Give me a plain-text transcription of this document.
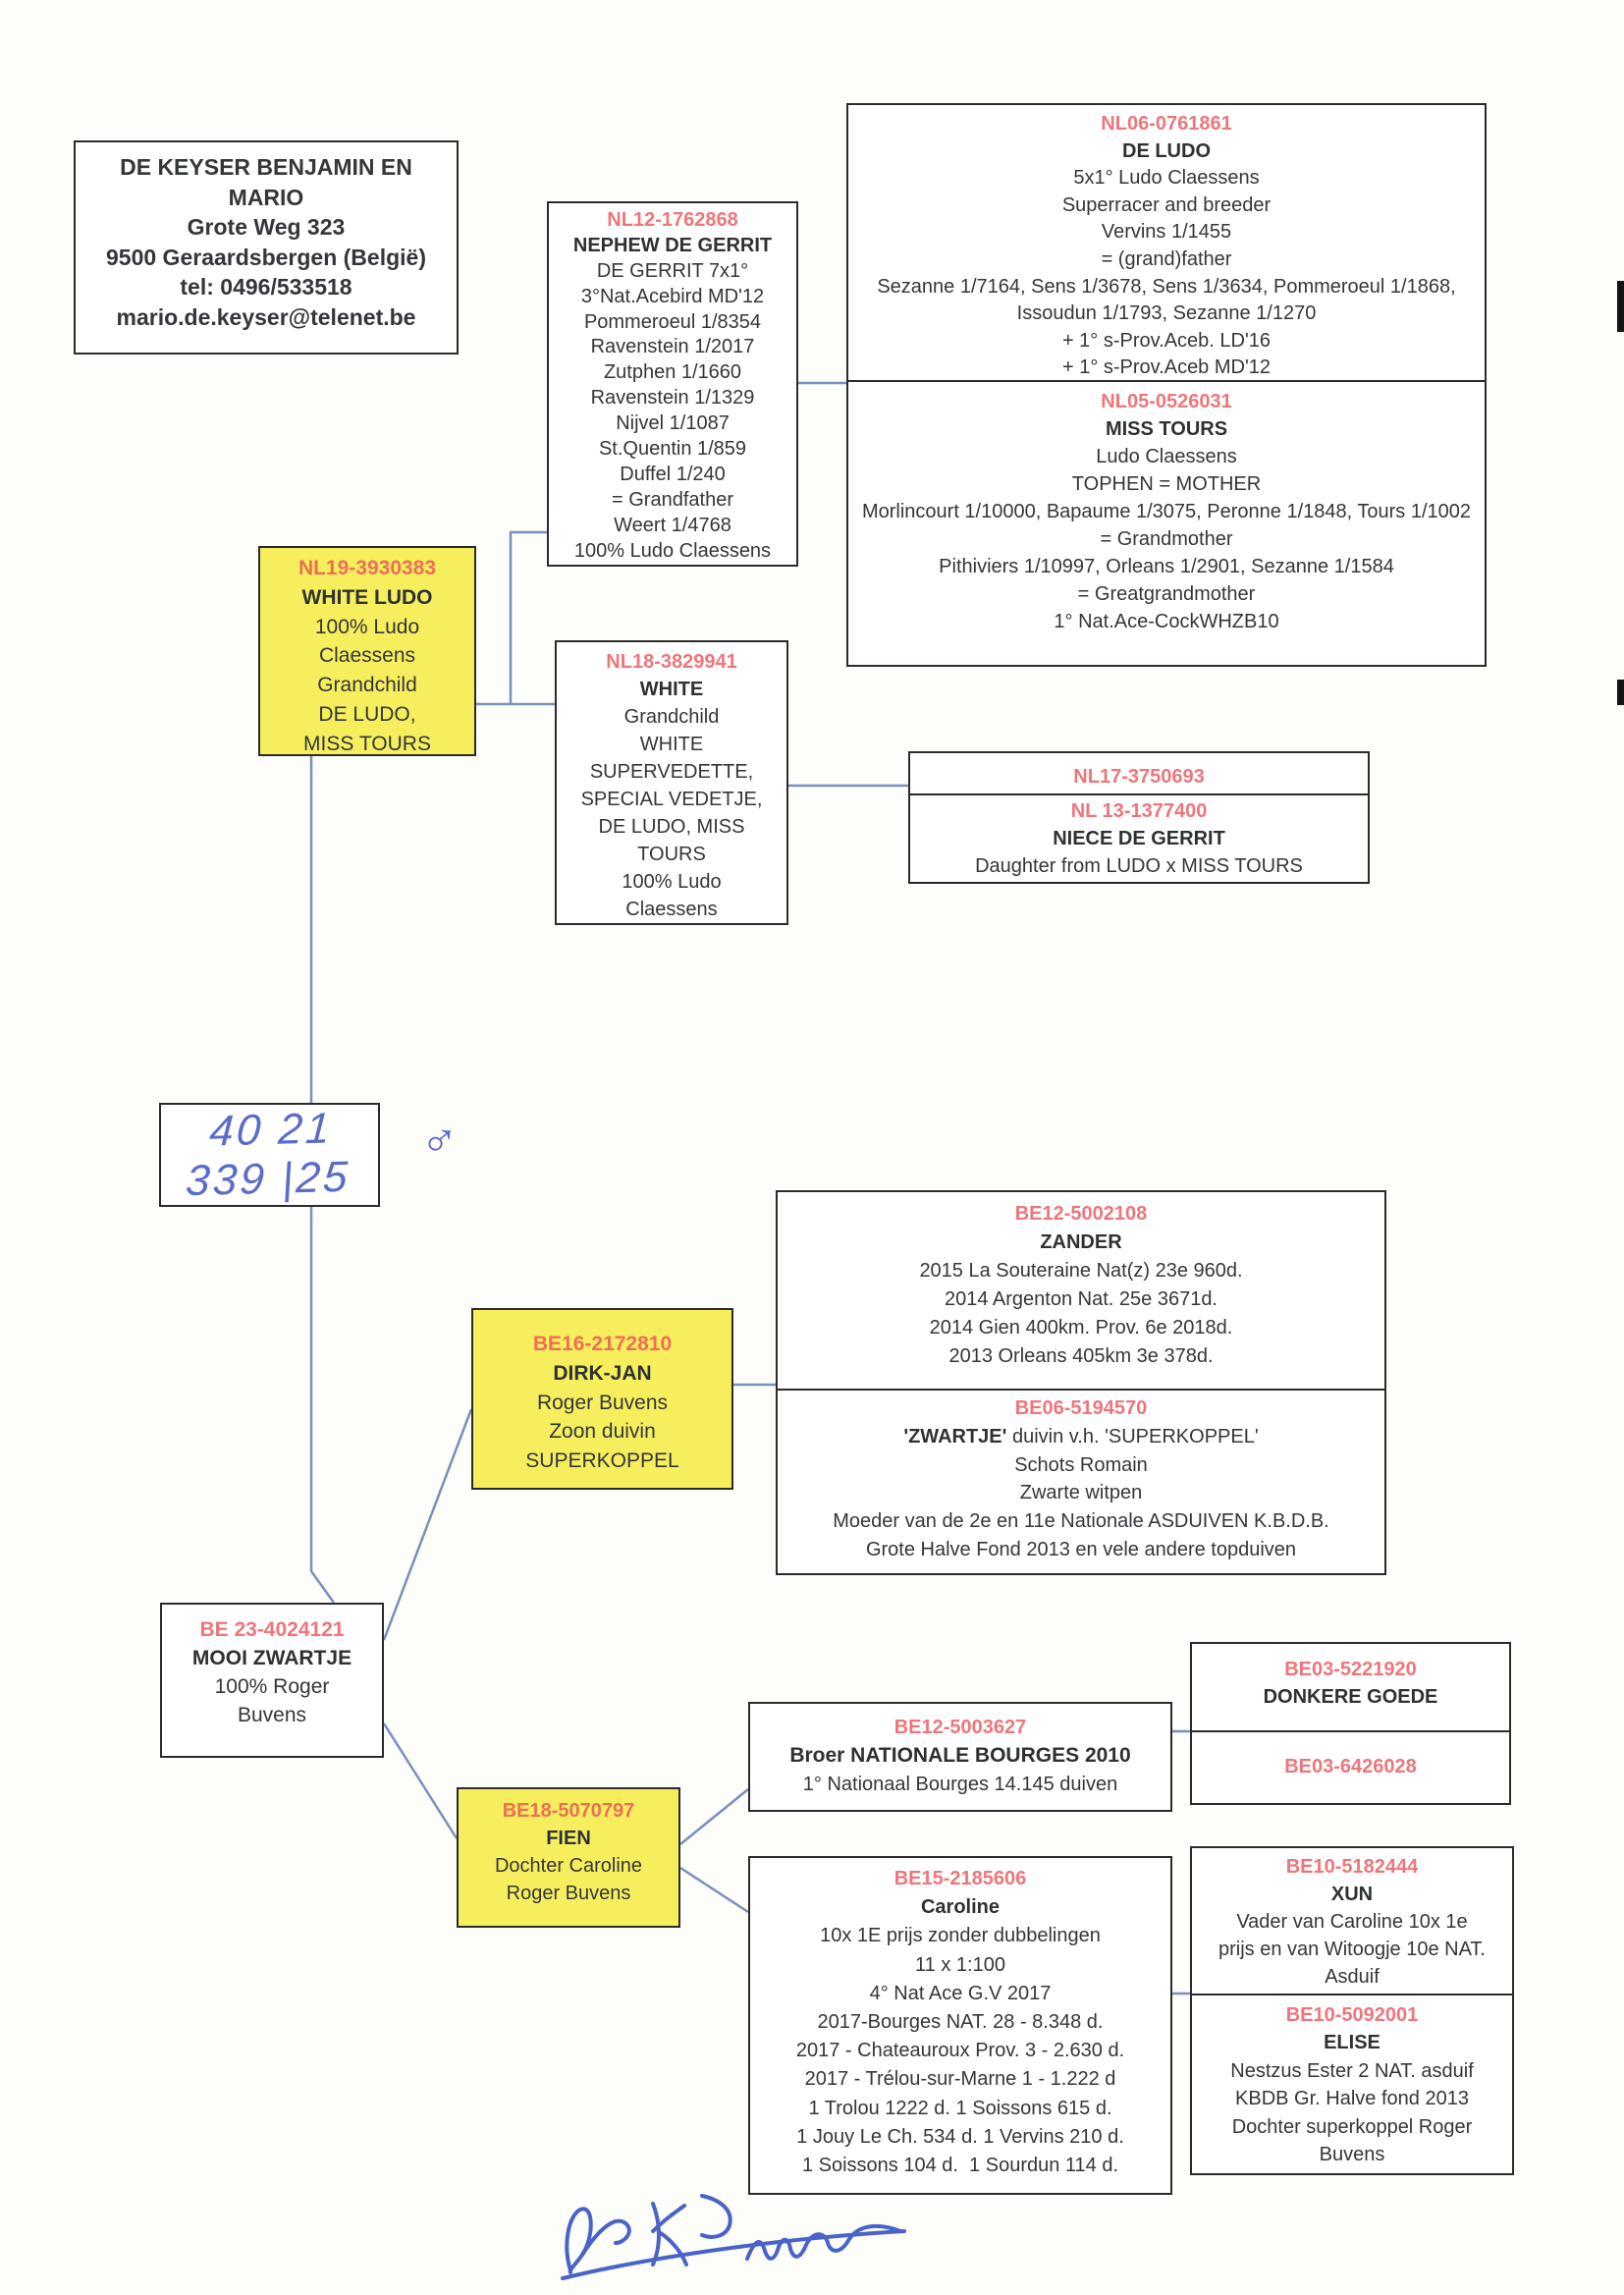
DE KEYSER BENJAMIN EN
MARIO
Grote Weg 323
9500 Geraardsbergen (België)
tel: 0496/533518
mario.de.keyser@telenet.be
NL12-1762868
NEPHEW DE GERRIT
DE GERRIT 7x1°
3°Nat.Acebird MD'12
Pommeroeul 1/8354
Ravenstein 1/2017
Zutphen 1/1660
Ravenstein 1/1329
Nijvel 1/1087
St.Quentin 1/859
Duffel 1/240
= Grandfather
Weert 1/4768
100% Ludo Claessens
NL06-0761861
DE LUDO
5x1° Ludo Claessens
Superracer and breeder
Vervins 1/1455
= (grand)father
Sezanne 1/7164, Sens 1/3678, Sens 1/3634, Pommeroeul 1/1868, Issoudun 1/1793, Sezanne 1/1270
+ 1° s-Prov.Aceb. LD'16
+ 1° s-Prov.Aceb MD'12
NL05-0526031
MISS TOURS
Ludo Claessens
TOPHEN = MOTHER
Morlincourt 1/10000, Bapaume 1/3075, Peronne 1/1848, Tours 1/1002
= Grandmother
Pithiviers 1/10997, Orleans 1/2901, Sezanne 1/1584
= Greatgrandmother
1° Nat.Ace-CockWHZB10
NL19-3930383
WHITE LUDO
100% Ludo
Claessens
Grandchild
DE LUDO,
MISS TOURS
NL18-3829941
WHITE
Grandchild
WHITE
SUPERVEDETTE,
SPECIAL VEDETJE,
DE LUDO, MISS
TOURS
100% Ludo
Claessens
NL17-3750693
NL 13-1377400
NIECE DE GERRIT
Daughter from LUDO x MISS TOURS
40 21 339 |25
♂
BE12-5002108
ZANDER
2015 La Souteraine Nat(z) 23e 960d.
2014 Argenton Nat. 25e 3671d.
2014 Gien 400km. Prov. 6e 2018d.
2013 Orleans 405km 3e 378d.
BE16-2172810
DIRK-JAN
Roger Buvens
Zoon duivin
SUPERKOPPEL
BE06-5194570
'ZWARTJE' duivin v.h. 'SUPERKOPPEL'
Schots Romain
Zwarte witpen
Moeder van de 2e en 11e Nationale ASDUIVEN K.B.D.B.
Grote Halve Fond 2013 en vele andere topduiven
BE 23-4024121
MOOI ZWARTJE
100% Roger
Buvens
BE03-5221920
DONKERE GOEDE
BE03-6426028
BE12-5003627
Broer NATIONALE BOURGES 2010
1° Nationaal Bourges 14.145 duiven
BE18-5070797
FIEN
Dochter Caroline
Roger Buvens
BE15-2185606
Caroline
10x 1E prijs zonder dubbelingen
11 x 1:100
4° Nat Ace G.V 2017
2017-Bourges NAT. 28 - 8.348 d.
2017 - Chateauroux Prov. 3 - 2.630 d.
2017 - Trélou-sur-Marne 1 - 1.222 d
1 Trolou 1222 d. 1 Soissons 615 d.
1 Jouy Le Ch. 534 d. 1 Vervins 210 d.
1 Soissons 104 d.  1 Sourdun 114 d.
BE10-5182444
XUN
Vader van Caroline 10x 1e
prijs en van Witoogje 10e NAT.
Asduif
BE10-5092001
ELISE
Nestzus Ester 2 NAT. asduif
KBDB Gr. Halve fond 2013
Dochter superkoppel Roger
Buvens
